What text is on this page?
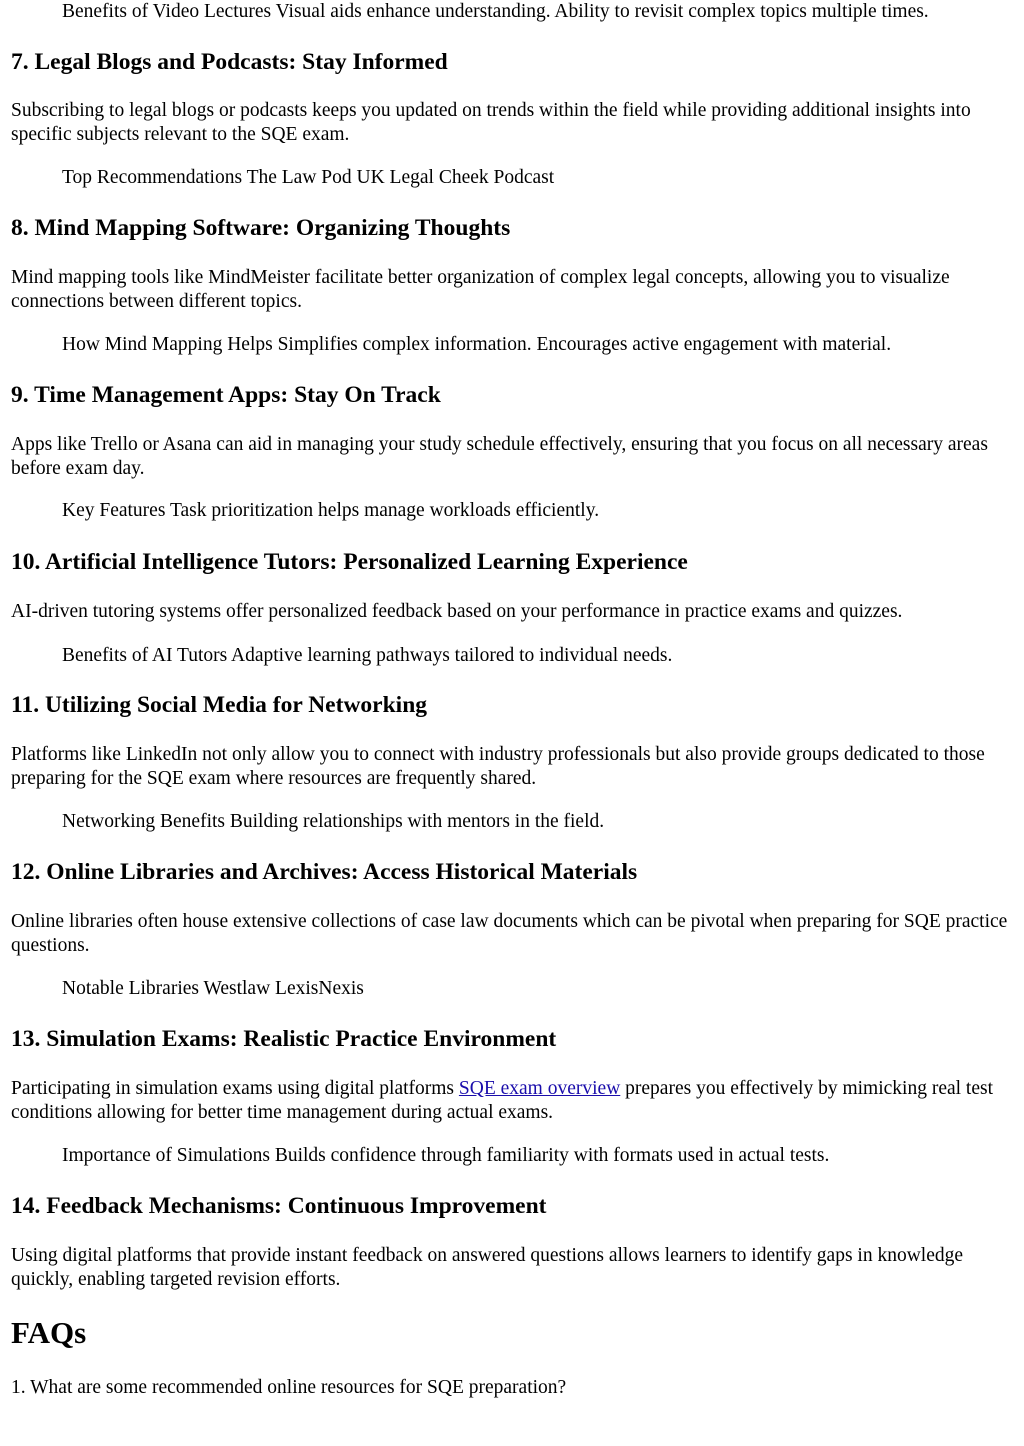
Benefits of Video Lectures Visual aids enhance understanding. Ability to revisit complex topics multiple times.

7. Legal Blogs and Podcasts: Stay Informed

Subscribing to legal blogs or podcasts keeps you updated on trends within the field while providing additional insights into specific subjects relevant to the SQE exam.

Top Recommendations The Law Pod UK Legal Cheek Podcast

8. Mind Mapping Software: Organizing Thoughts

Mind mapping tools like MindMeister facilitate better organization of complex legal concepts, allowing you to visualize connections between different topics.

How Mind Mapping Helps Simplifies complex information. Encourages active engagement with material.

9. Time Management Apps: Stay On Track

Apps like Trello or Asana can aid in managing your study schedule effectively, ensuring that you focus on all necessary areas before exam day.

Key Features Task prioritization helps manage workloads efficiently.

10. Artificial Intelligence Tutors: Personalized Learning Experience

AI-driven tutoring systems offer personalized feedback based on your performance in practice exams and quizzes.

Benefits of AI Tutors Adaptive learning pathways tailored to individual needs.

11. Utilizing Social Media for Networking

Platforms like LinkedIn not only allow you to connect with industry professionals but also provide groups dedicated to those preparing for the SQE exam where resources are frequently shared.

Networking Benefits Building relationships with mentors in the field.

12. Online Libraries and Archives: Access Historical Materials

Online libraries often house extensive collections of case law documents which can be pivotal when preparing for SQE practice questions.

Notable Libraries Westlaw LexisNexis

13. Simulation Exams: Realistic Practice Environment

Participating in simulation exams using digital platforms SQE exam overview prepares you effectively by mimicking real test conditions allowing for better time management during actual exams.

Importance of Simulations Builds confidence through familiarity with formats used in actual tests.

14. Feedback Mechanisms: Continuous Improvement

Using digital platforms that provide instant feedback on answered questions allows learners to identify gaps in knowledge quickly, enabling targeted revision efforts.

FAQs

1. What are some recommended online resources for SQE preparation?
